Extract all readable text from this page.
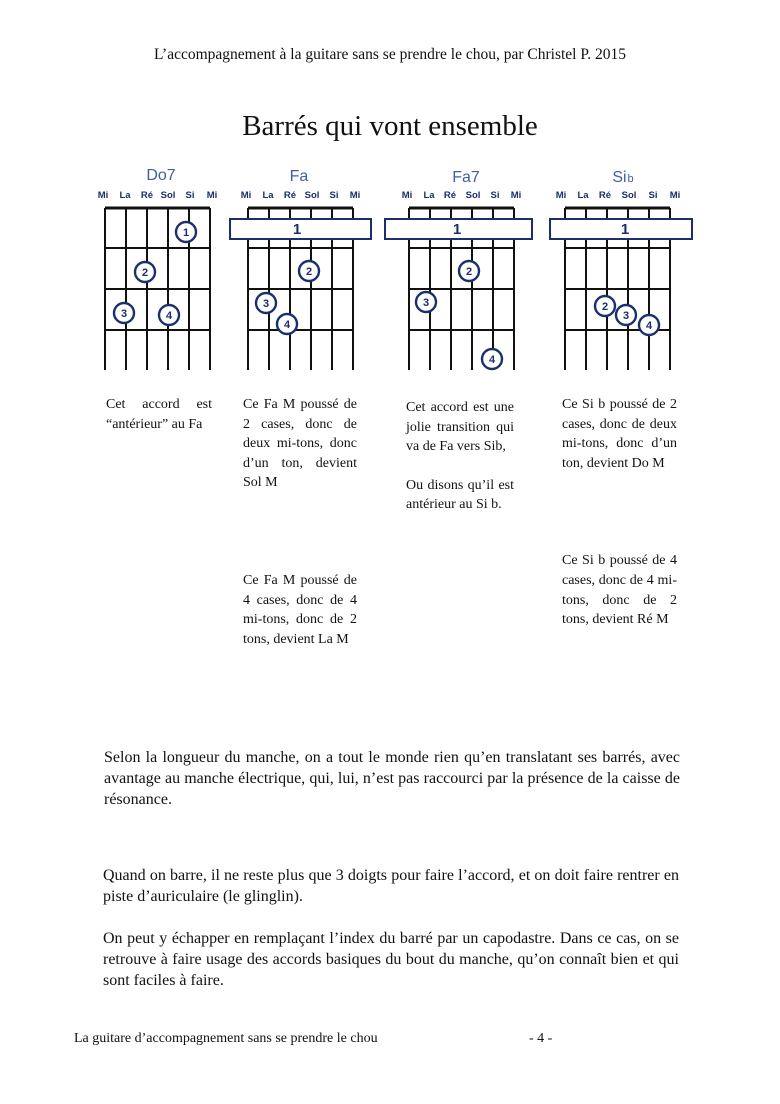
L’accompagnement à la guitare sans se prendre le chou, par Christel P. 2015
Barrés qui vont ensemble
Do7
Mi La Ré Sol Si Mi
1
2
3	4
Fa
Mi La Ré Sol Si Mi
1
2
3
4
Fa7
Mi La Ré Sol Si Mi
1
2
3
4
Sib
Mi La Ré Sol Si Mi
1
2
3
4

Cet accord est “antérieur” au Fa

Ce Fa M poussé de 2 cases, donc de deux mi-tons, donc d’un ton, devient Sol M

Ce Fa M poussé de 4 cases, donc de 4 mi-tons, donc de 2 tons, devient La M

Cet accord est une jolie transition qui va de Fa vers Sib,

Ou disons qu’il est antérieur au Si b.

Ce Si b poussé de 2 cases, donc de deux mi-tons, donc d’un ton, devient Do M

Ce Si b poussé de 4 cases, donc de 4 mi-tons, donc de 2 tons, devient Ré M

Selon la longueur du manche, on a tout le monde rien qu’en translatant ses barrés, avec avantage au manche électrique, qui, lui, n’est pas raccourci par la présence de la caisse de résonance.
Quand on barre, il ne reste plus que 3 doigts pour faire l’accord, et on doit faire rentrer en piste d’auriculaire (le glinglin).
On peut y échapper en remplaçant l’index du barré par un capodastre. Dans ce cas, on se retrouve à faire usage des accords basiques du bout du manche, qu’on connaît bien et qui sont faciles à faire.
La guitare d’accompagnement sans se prendre le chou	- 4 -
